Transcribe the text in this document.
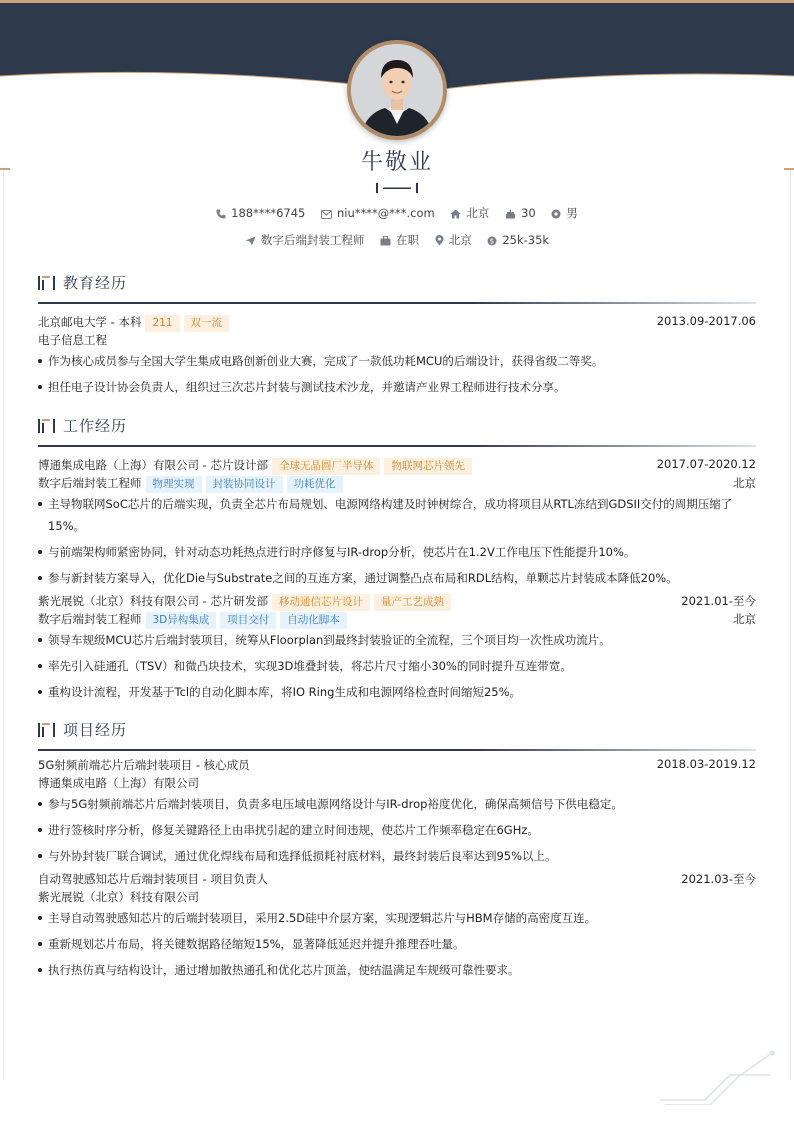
牛敬业
188****6745	niu****@***.com	北京	30	男
数字后端封装工程师	在职	北京	$ 25k-35k
教育经历
北京邮电大学 - 本科 211 双一流	2013.09-2017.06
电子信息工程
作为核心成员参与全国大学生集成电路创新创业大赛，完成了一款低功耗MCU的后端设计，获得省级二等奖。
担任电子设计协会负责人，组织过三次芯片封装与测试技术沙龙，并邀请产业界工程师进行技术分享。
工作经历
博通集成电路（上海）有限公司 - 芯片设计部 全球无晶圆厂半导体 物联网芯片领先	2017.07-2020.12
数字后端封装工程师 物理实现 封装协同设计 功耗优化	北京
主导物联网SoC芯片的后端实现，负责全芯片布局规划、电源网络构建及时钟树综合，成功将项目从RTL冻结到GDSII交付的周期压缩了15%。
与前端架构师紧密协同，针对动态功耗热点进行时序修复与IR-drop分析，使芯片在1.2V工作电压下性能提升10%。
参与新封装方案导入，优化Die与Substrate之间的互连方案，通过调整凸点布局和RDL结构，单颗芯片封装成本降低20%。
紫光展锐（北京）科技有限公司 - 芯片研发部 移动通信芯片设计 量产工艺成熟	2021.01-至今
数字后端封装工程师 3D异构集成 项目交付 自动化脚本	北京
领导车规级MCU芯片后端封装项目，统筹从Floorplan到最终封装验证的全流程，三个项目均一次性成功流片。
率先引入硅通孔（TSV）和微凸块技术，实现3D堆叠封装，将芯片尺寸缩小30%的同时提升互连带宽。
重构设计流程，开发基于Tcl的自动化脚本库，将IO Ring生成和电源网络检查时间缩短25%。
项目经历
5G射频前端芯片后端封装项目 - 核心成员	2018.03-2019.12
博通集成电路（上海）有限公司
参与5G射频前端芯片后端封装项目，负责多电压域电源网络设计与IR-drop裕度优化，确保高频信号下供电稳定。
进行签核时序分析，修复关键路径上由串扰引起的建立时间违规，使芯片工作频率稳定在6GHz。
与外协封装厂联合调试，通过优化焊线布局和选择低损耗衬底材料，最终封装后良率达到95%以上。
自动驾驶感知芯片后端封装项目 - 项目负责人	2021.03-至今
紫光展锐（北京）科技有限公司
主导自动驾驶感知芯片的后端封装项目，采用2.5D硅中介层方案，实现逻辑芯片与HBM存储的高密度互连。
重新规划芯片布局，将关键数据路径缩短15%，显著降低延迟并提升推理吞吐量。
执行热仿真与结构设计，通过增加散热通孔和优化芯片顶盖，使结温满足车规级可靠性要求。
